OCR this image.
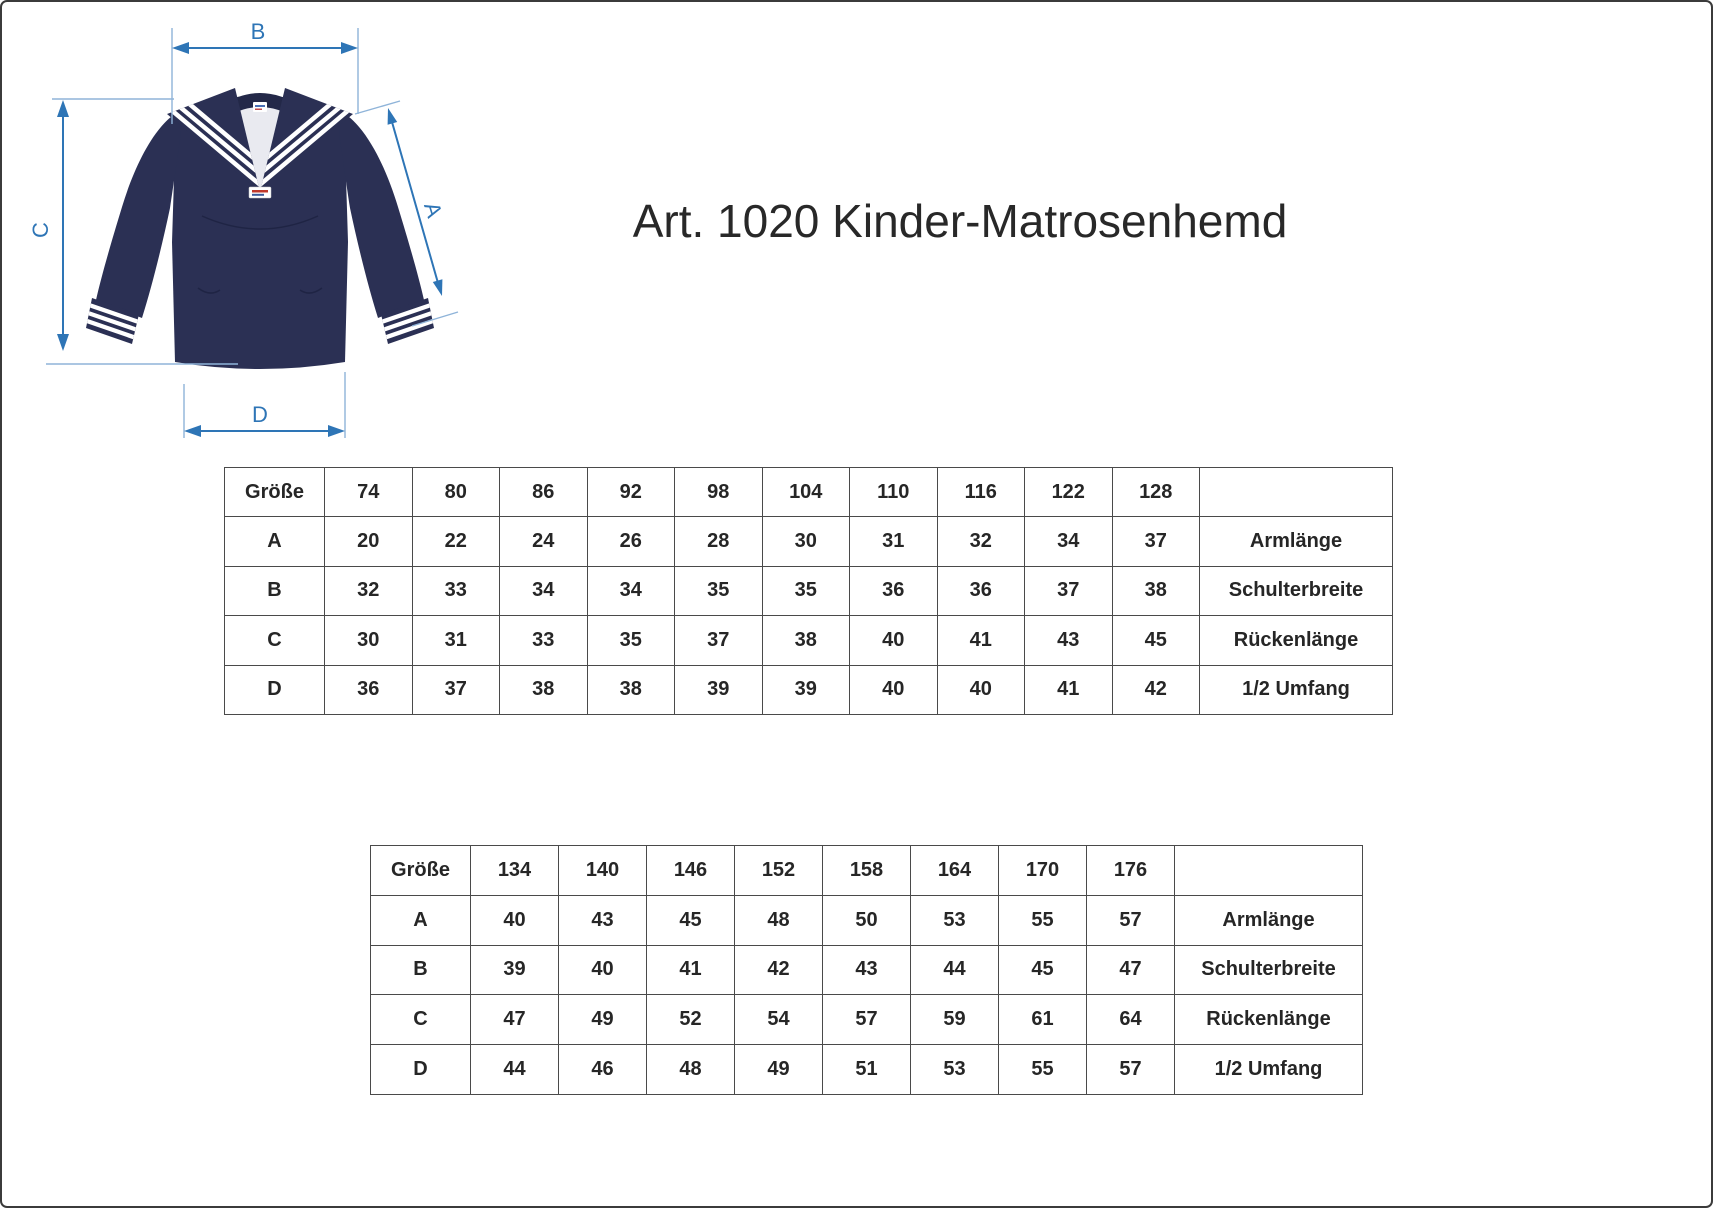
B
C
A
D
Art. 1020 Kinder-Matrosenhemd
Größe	74	80	86	92	98	104	110	116	122	128	
A	20	22	24	26	28	30	31	32	34	37	Armlänge
B	32	33	34	34	35	35	36	36	37	38	Schulterbreite
C	30	31	33	35	37	38	40	41	43	45	Rückenlänge
D	36	37	38	38	39	39	40	40	41	42	1/2 Umfang
Größe	134	140	146	152	158	164	170	176	
A	40	43	45	48	50	53	55	57	Armlänge
B	39	40	41	42	43	44	45	47	Schulterbreite
C	47	49	52	54	57	59	61	64	Rückenlänge
D	44	46	48	49	51	53	55	57	1/2 Umfang
